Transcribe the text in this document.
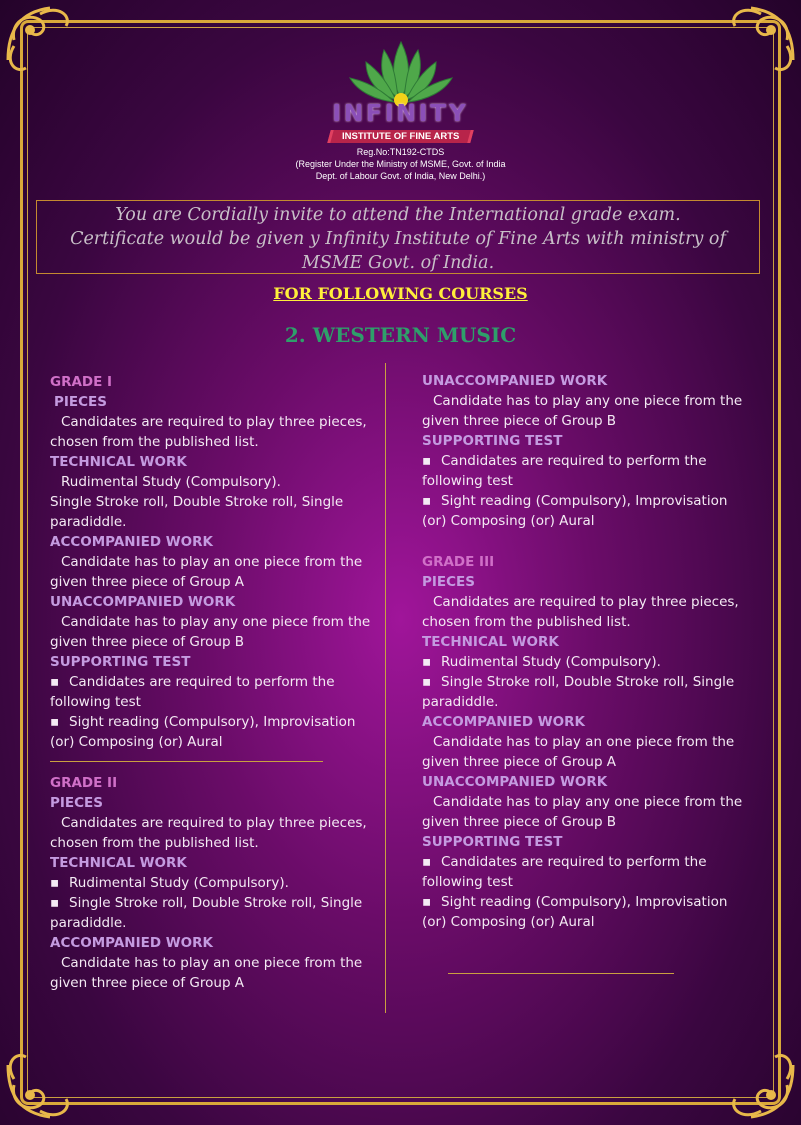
INFINITY
INSTITUTE OF FINE ARTS
Reg.No:TN192-CTDS
(Register Under the Ministry of MSME, Govt. of India
Dept. of Labour Govt. of India, New Delhi.)
You are Cordially invite to attend the International grade exam.
Certificate would be given y Infinity Institute of Fine Arts with ministry of
MSME Govt. of India.
FOR FOLLOWING COURSES
2. WESTERN MUSIC
GRADE I
PIECES
Candidates are required to play three pieces,
chosen from the published list.
TECHNICAL WORK
Rudimental Study (Compulsory).
Single Stroke roll, Double Stroke roll, Single
paradiddle.
ACCOMPANIED WORK
Candidate has to play an one piece from the
given three piece of Group A
UNACCOMPANIED WORK
Candidate has to play any one piece from the
given three piece of Group B
SUPPORTING TEST
▪ Candidates are required to perform the
following test
▪ Sight reading (Compulsory), Improvisation
(or) Composing (or) Aural
GRADE II
PIECES
Candidates are required to play three pieces,
chosen from the published list.
TECHNICAL WORK
▪ Rudimental Study (Compulsory).
▪ Single Stroke roll, Double Stroke roll, Single
paradiddle.
ACCOMPANIED WORK
Candidate has to play an one piece from the
given three piece of Group A
UNACCOMPANIED WORK
Candidate has to play any one piece from the
given three piece of Group B
SUPPORTING TEST
▪ Candidates are required to perform the
following test
▪ Sight reading (Compulsory), Improvisation
(or) Composing (or) Aural
GRADE III
PIECES
Candidates are required to play three pieces,
chosen from the published list.
TECHNICAL WORK
▪ Rudimental Study (Compulsory).
▪ Single Stroke roll, Double Stroke roll, Single
paradiddle.
ACCOMPANIED WORK
Candidate has to play an one piece from the
given three piece of Group A
UNACCOMPANIED WORK
Candidate has to play any one piece from the
given three piece of Group B
SUPPORTING TEST
▪ Candidates are required to perform the
following test
▪ Sight reading (Compulsory), Improvisation
(or) Composing (or) Aural
